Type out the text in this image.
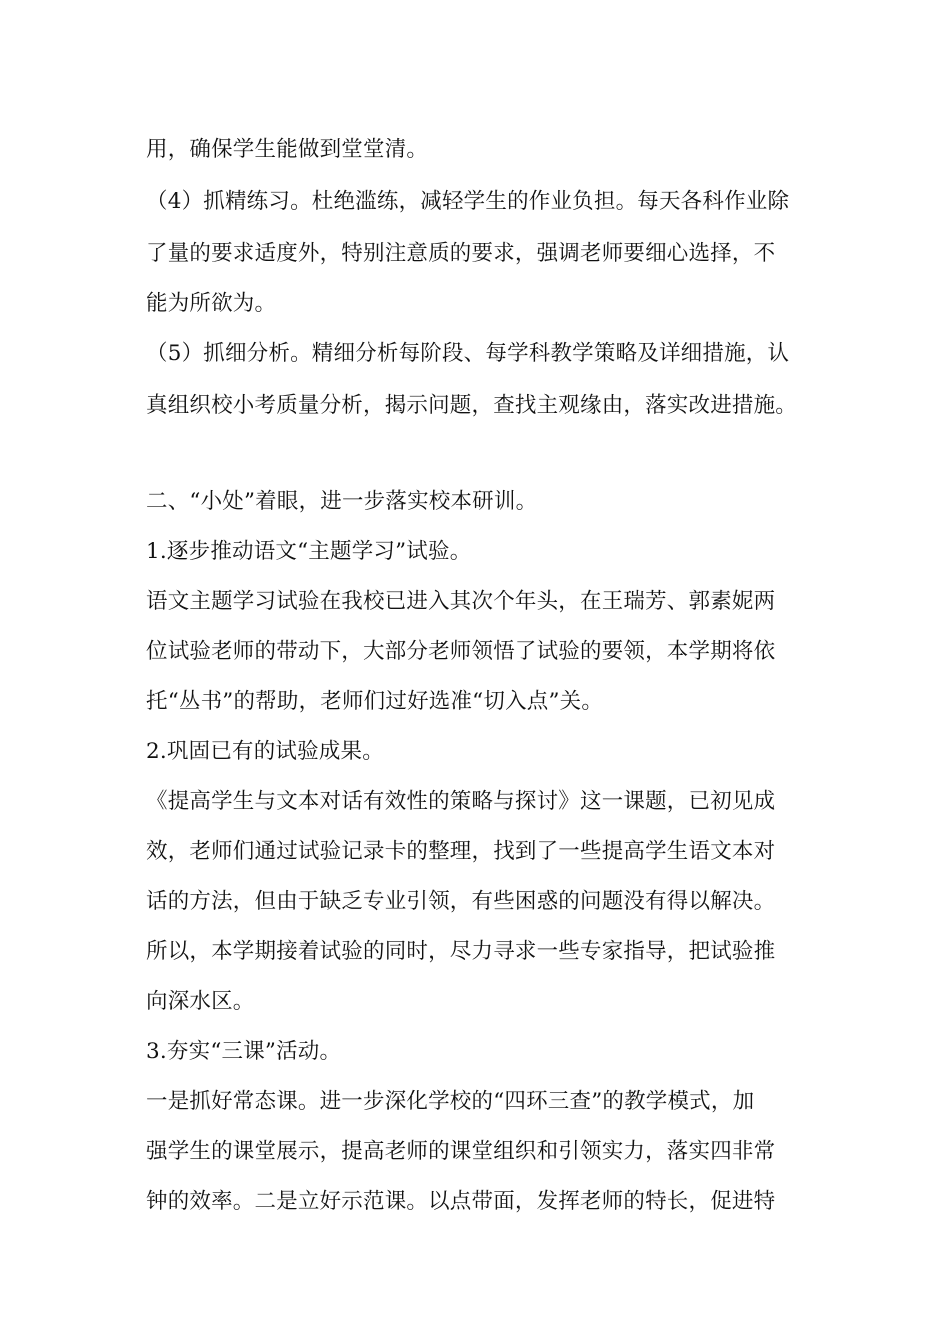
用，确保学生能做到堂堂清。
（4）抓精练习。杜绝滥练，减轻学生的作业负担。每天各科作业除
了量的要求适度外，特别注意质的要求，强调老师要细心选择，不
能为所欲为。
（5）抓细分析。精细分析每阶段、每学科教学策略及详细措施，认
真组织校小考质量分析，揭示问题，查找主观缘由，落实改进措施。
二、“小处”着眼，进一步落实校本研训。
1.逐步推动语文“主题学习”试验。
语文主题学习试验在我校已进入其次个年头，在王瑞芳、郭素妮两
位试验老师的带动下，大部分老师领悟了试验的要领，本学期将依
托“丛书”的帮助，老师们过好选准“切入点”关。
2.巩固已有的试验成果。
《提高学生与文本对话有效性的策略与探讨》这一课题，已初见成
效，老师们通过试验记录卡的整理，找到了一些提高学生语文本对
话的方法，但由于缺乏专业引领，有些困惑的问题没有得以解决。
所以，本学期接着试验的同时，尽力寻求一些专家指导，把试验推
向深水区。
3.夯实“三课”活动。
一是抓好常态课。进一步深化学校的“四环三查”的教学模式，加
强学生的课堂展示，提高老师的课堂组织和引领实力，落实四非常
钟的效率。二是立好示范课。以点带面，发挥老师的特长，促进特
